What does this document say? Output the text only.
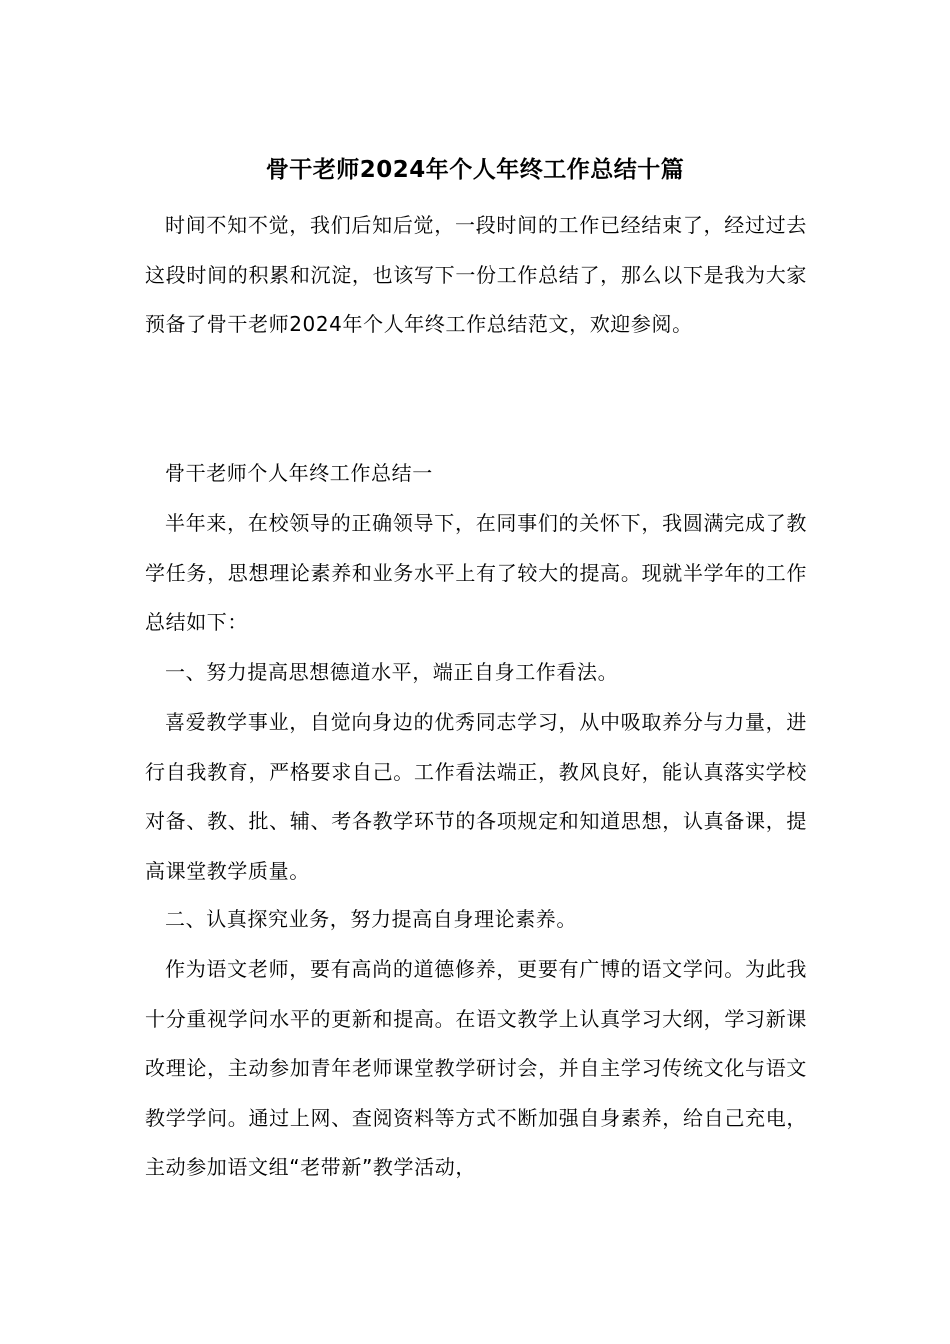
骨干老师2024年个人年终工作总结十篇
时间不知不觉，我们后知后觉，一段时间的工作已经结束了，经过过去这段时间的积累和沉淀，也该写下一份工作总结了，那么以下是我为大家预备了骨干老师2024年个人年终工作总结范文，欢迎参阅。
骨干老师个人年终工作总结一
半年来，在校领导的正确领导下，在同事们的关怀下，我圆满完成了教学任务，思想理论素养和业务水平上有了较大的提高。现就半学年的工作总结如下：
一、努力提高思想德道水平，端正自身工作看法。
喜爱教学事业，自觉向身边的优秀同志学习，从中吸取养分与力量，进行自我教育，严格要求自己。工作看法端正，教风良好，能认真落实学校对备、教、批、辅、考各教学环节的各项规定和知道思想，认真备课，提高课堂教学质量。
二、认真探究业务，努力提高自身理论素养。
作为语文老师，要有高尚的道德修养，更要有广博的语文学问。为此我十分重视学问水平的更新和提高。在语文教学上认真学习大纲，学习新课改理论，主动参加青年老师课堂教学研讨会，并自主学习传统文化与语文教学学问。通过上网、查阅资料等方式不断加强自身素养，给自己充电，主动参加语文组“老带新”教学活动，
